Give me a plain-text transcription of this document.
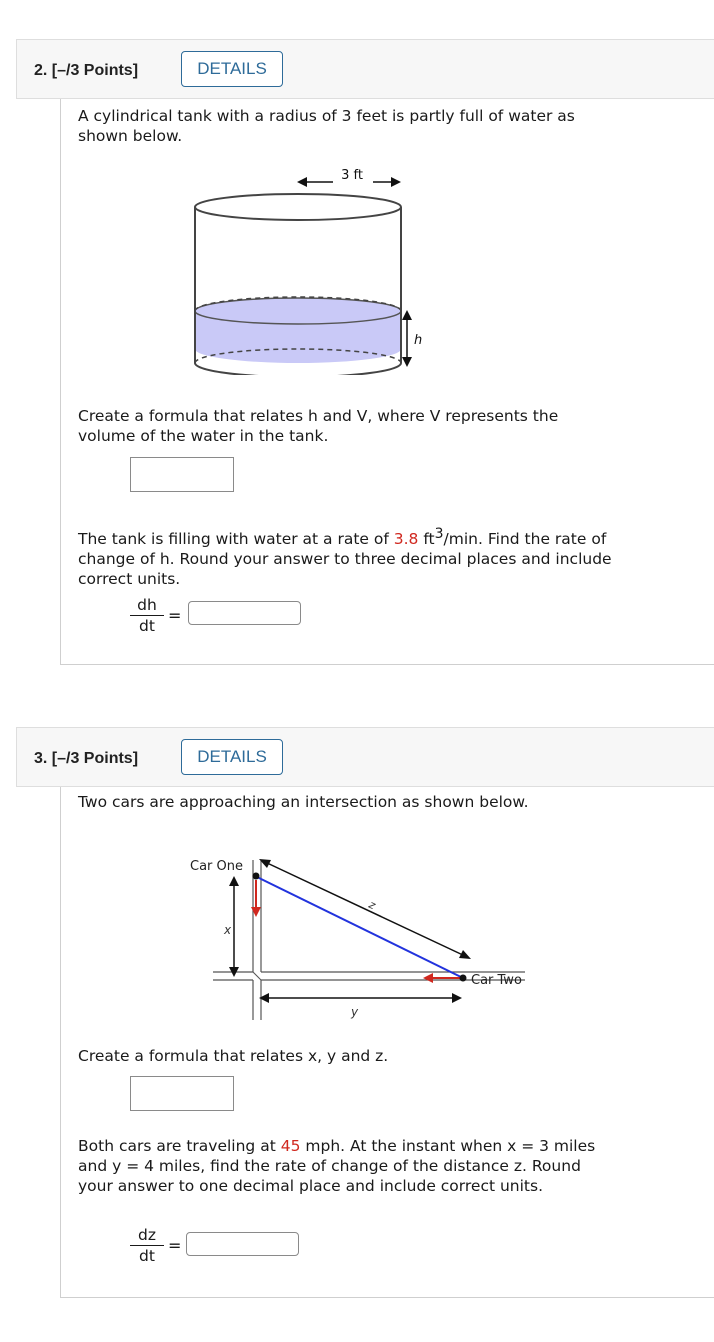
2. [–/3 Points]	DETAILS
A cylindrical tank with a radius of 3 feet is partly full of water as shown below.
3 ft
h
Create a formula that relates h and V, where V represents the volume of the water in the tank.
The tank is filling with water at a rate of 3.8 $ft^3/\min$. Find the rate of change of h. Round your answer to three decimal places and include correct units.
$\frac{dh}{dt}$ =
3. [–/3 Points]	DETAILS
Two cars are approaching an intersection as shown below.
x
y
z
Car One
Car Two
Create a formula that relates x, y and z.
Both cars are traveling at 45 mph. At the instant when x = 3 miles and y = 4 miles, find the rate of change of the distance z. Round your answer to one decimal place and include correct units.
$\frac{dz}{dt}$ =
